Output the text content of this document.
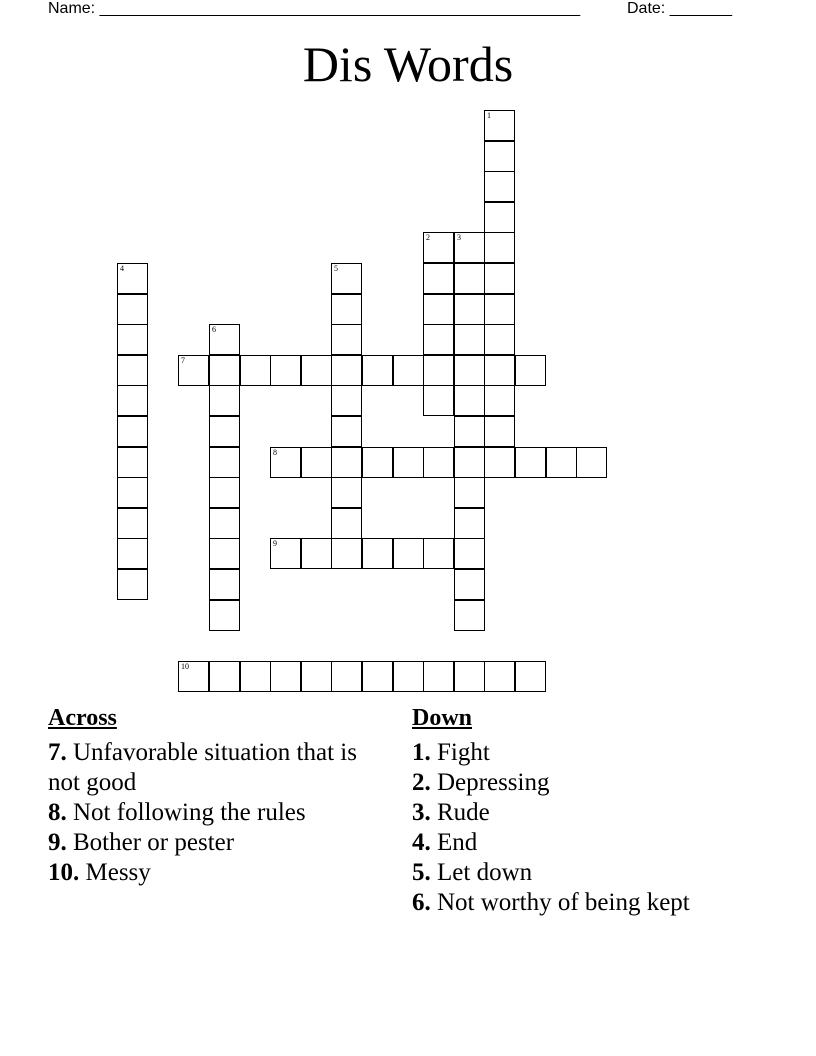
Name: ______________________________________________________	Date: _______
Dis Words
1
2	3
4	5
6
7
8
9
10
Across
7. Unfavorable situation that is not good
8. Not following the rules
9. Bother or pester
10. Messy
Down
1. Fight
2. Depressing
3. Rude
4. End
5. Let down
6. Not worthy of being kept
